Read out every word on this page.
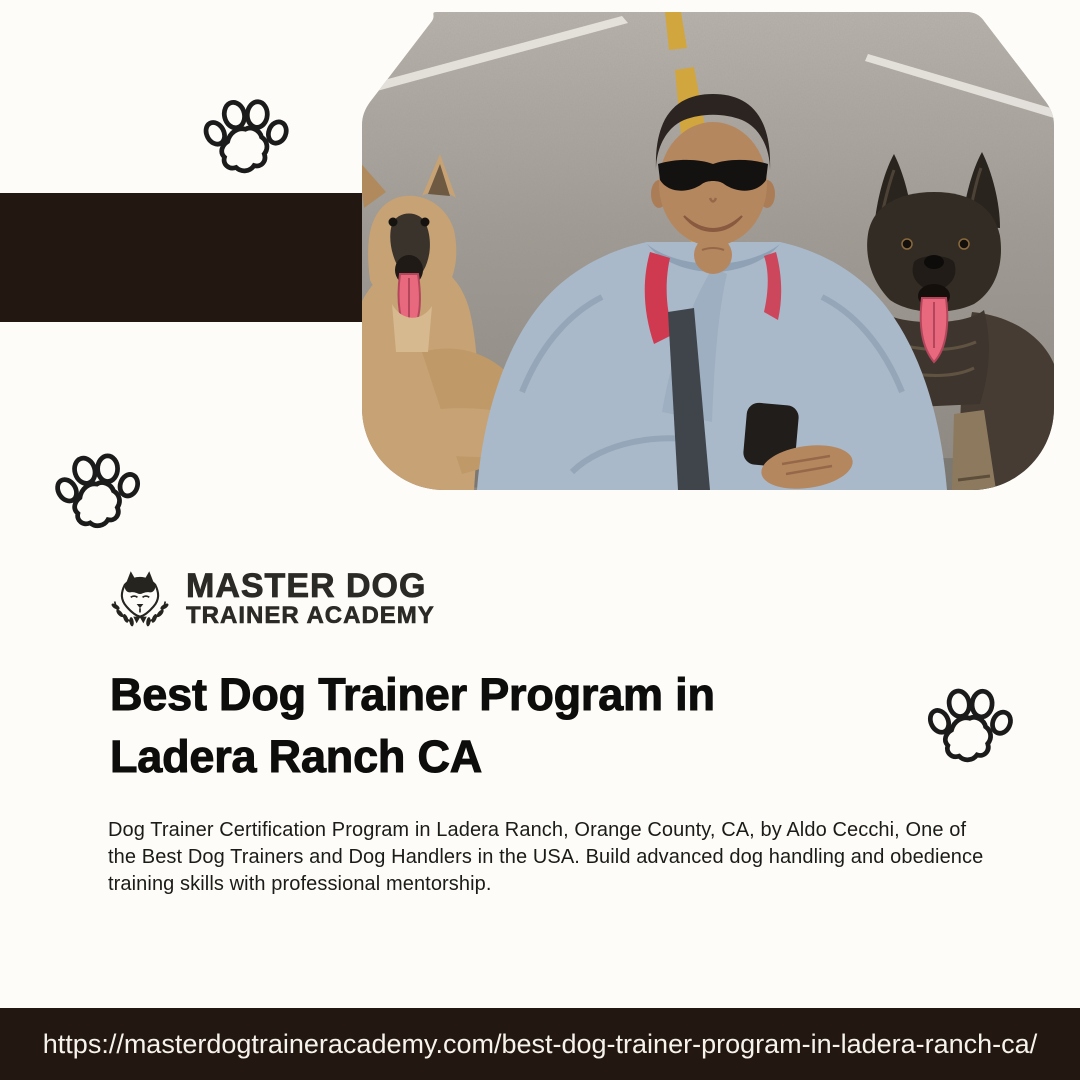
MASTER DOG
TRAINER ACADEMY
Best Dog Trainer Program in
Ladera Ranch CA

Dog Trainer Certification Program in Ladera Ranch, Orange County, CA, by Aldo Cecchi, One of
the Best Dog Trainers and Dog Handlers in the USA. Build advanced dog handling and obedience
training skills with professional mentorship.

https://masterdogtraineracademy.com/best-dog-trainer-program-in-ladera-ranch-ca/
